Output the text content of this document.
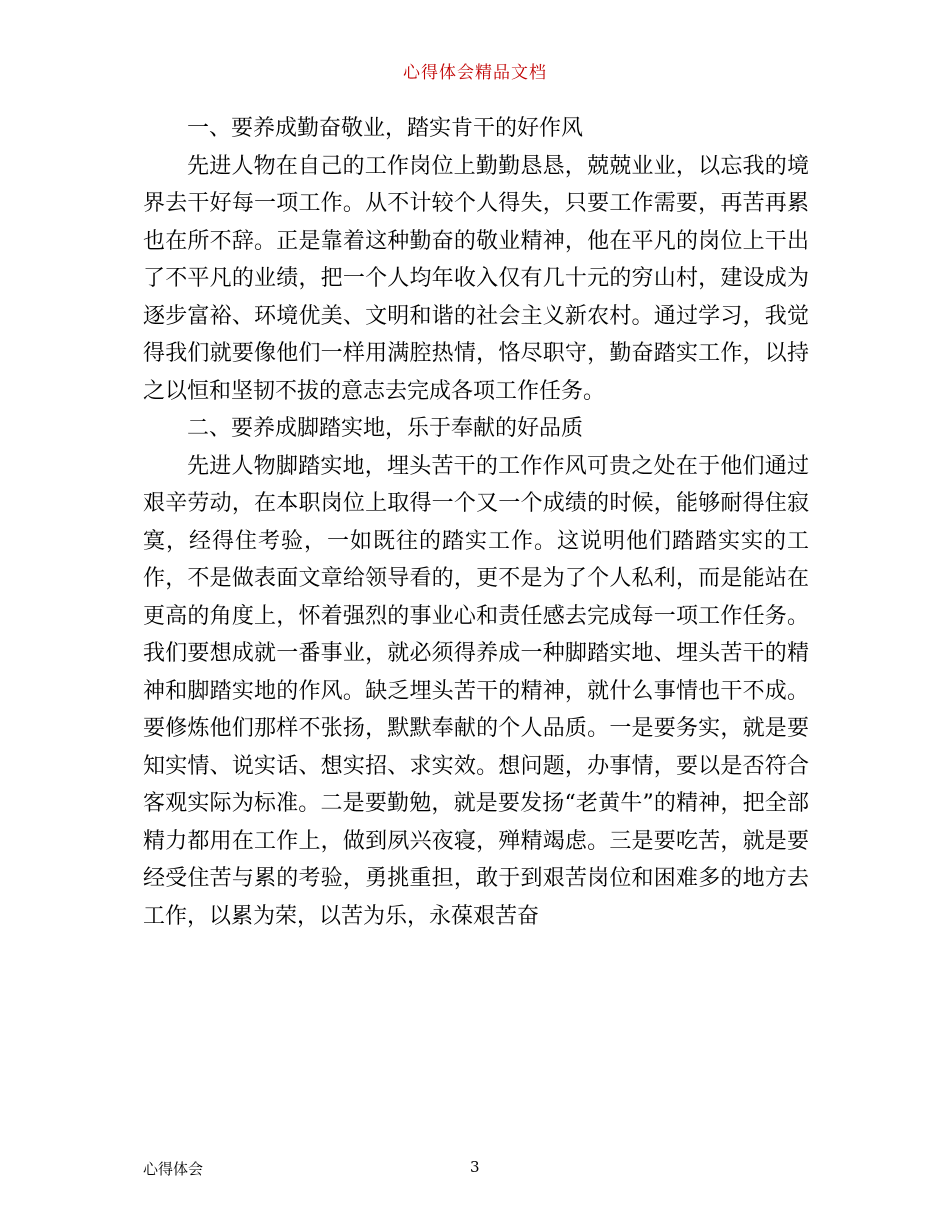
心得体会精品文档

一、要养成勤奋敬业，踏实肯干的好作风

先进人物在自己的工作岗位上勤勤恳恳，兢兢业业，以忘我的境界去干好每一项工作。从不计较个人得失，只要工作需要，再苦再累也在所不辞。正是靠着这种勤奋的敬业精神，他在平凡的岗位上干出了不平凡的业绩，把一个人均年收入仅有几十元的穷山村，建设成为逐步富裕、环境优美、文明和谐的社会主义新农村。通过学习，我觉得我们就要像他们一样用满腔热情，恪尽职守，勤奋踏实工作，以持之以恒和坚韧不拔的意志去完成各项工作任务。

二、要养成脚踏实地，乐于奉献的好品质

先进人物脚踏实地，埋头苦干的工作作风可贵之处在于他们通过艰辛劳动，在本职岗位上取得一个又一个成绩的时候，能够耐得住寂寞，经得住考验，一如既往的踏实工作。这说明他们踏踏实实的工作，不是做表面文章给领导看的，更不是为了个人私利，而是能站在更高的角度上，怀着强烈的事业心和责任感去完成每一项工作任务。我们要想成就一番事业，就必须得养成一种脚踏实地、埋头苦干的精神和脚踏实地的作风。缺乏埋头苦干的精神，就什么事情也干不成。要修炼他们那样不张扬，默默奉献的个人品质。一是要务实，就是要知实情、说实话、想实招、求实效。想问题，办事情，要以是否符合客观实际为标准。二是要勤勉，就是要发扬“老黄牛”的精神，把全部精力都用在工作上，做到夙兴夜寝，殚精竭虑。三是要吃苦，就是要经受住苦与累的考验，勇挑重担，敢于到艰苦岗位和困难多的地方去工作，以累为荣，以苦为乐，永葆艰苦奋

心得体会	3
